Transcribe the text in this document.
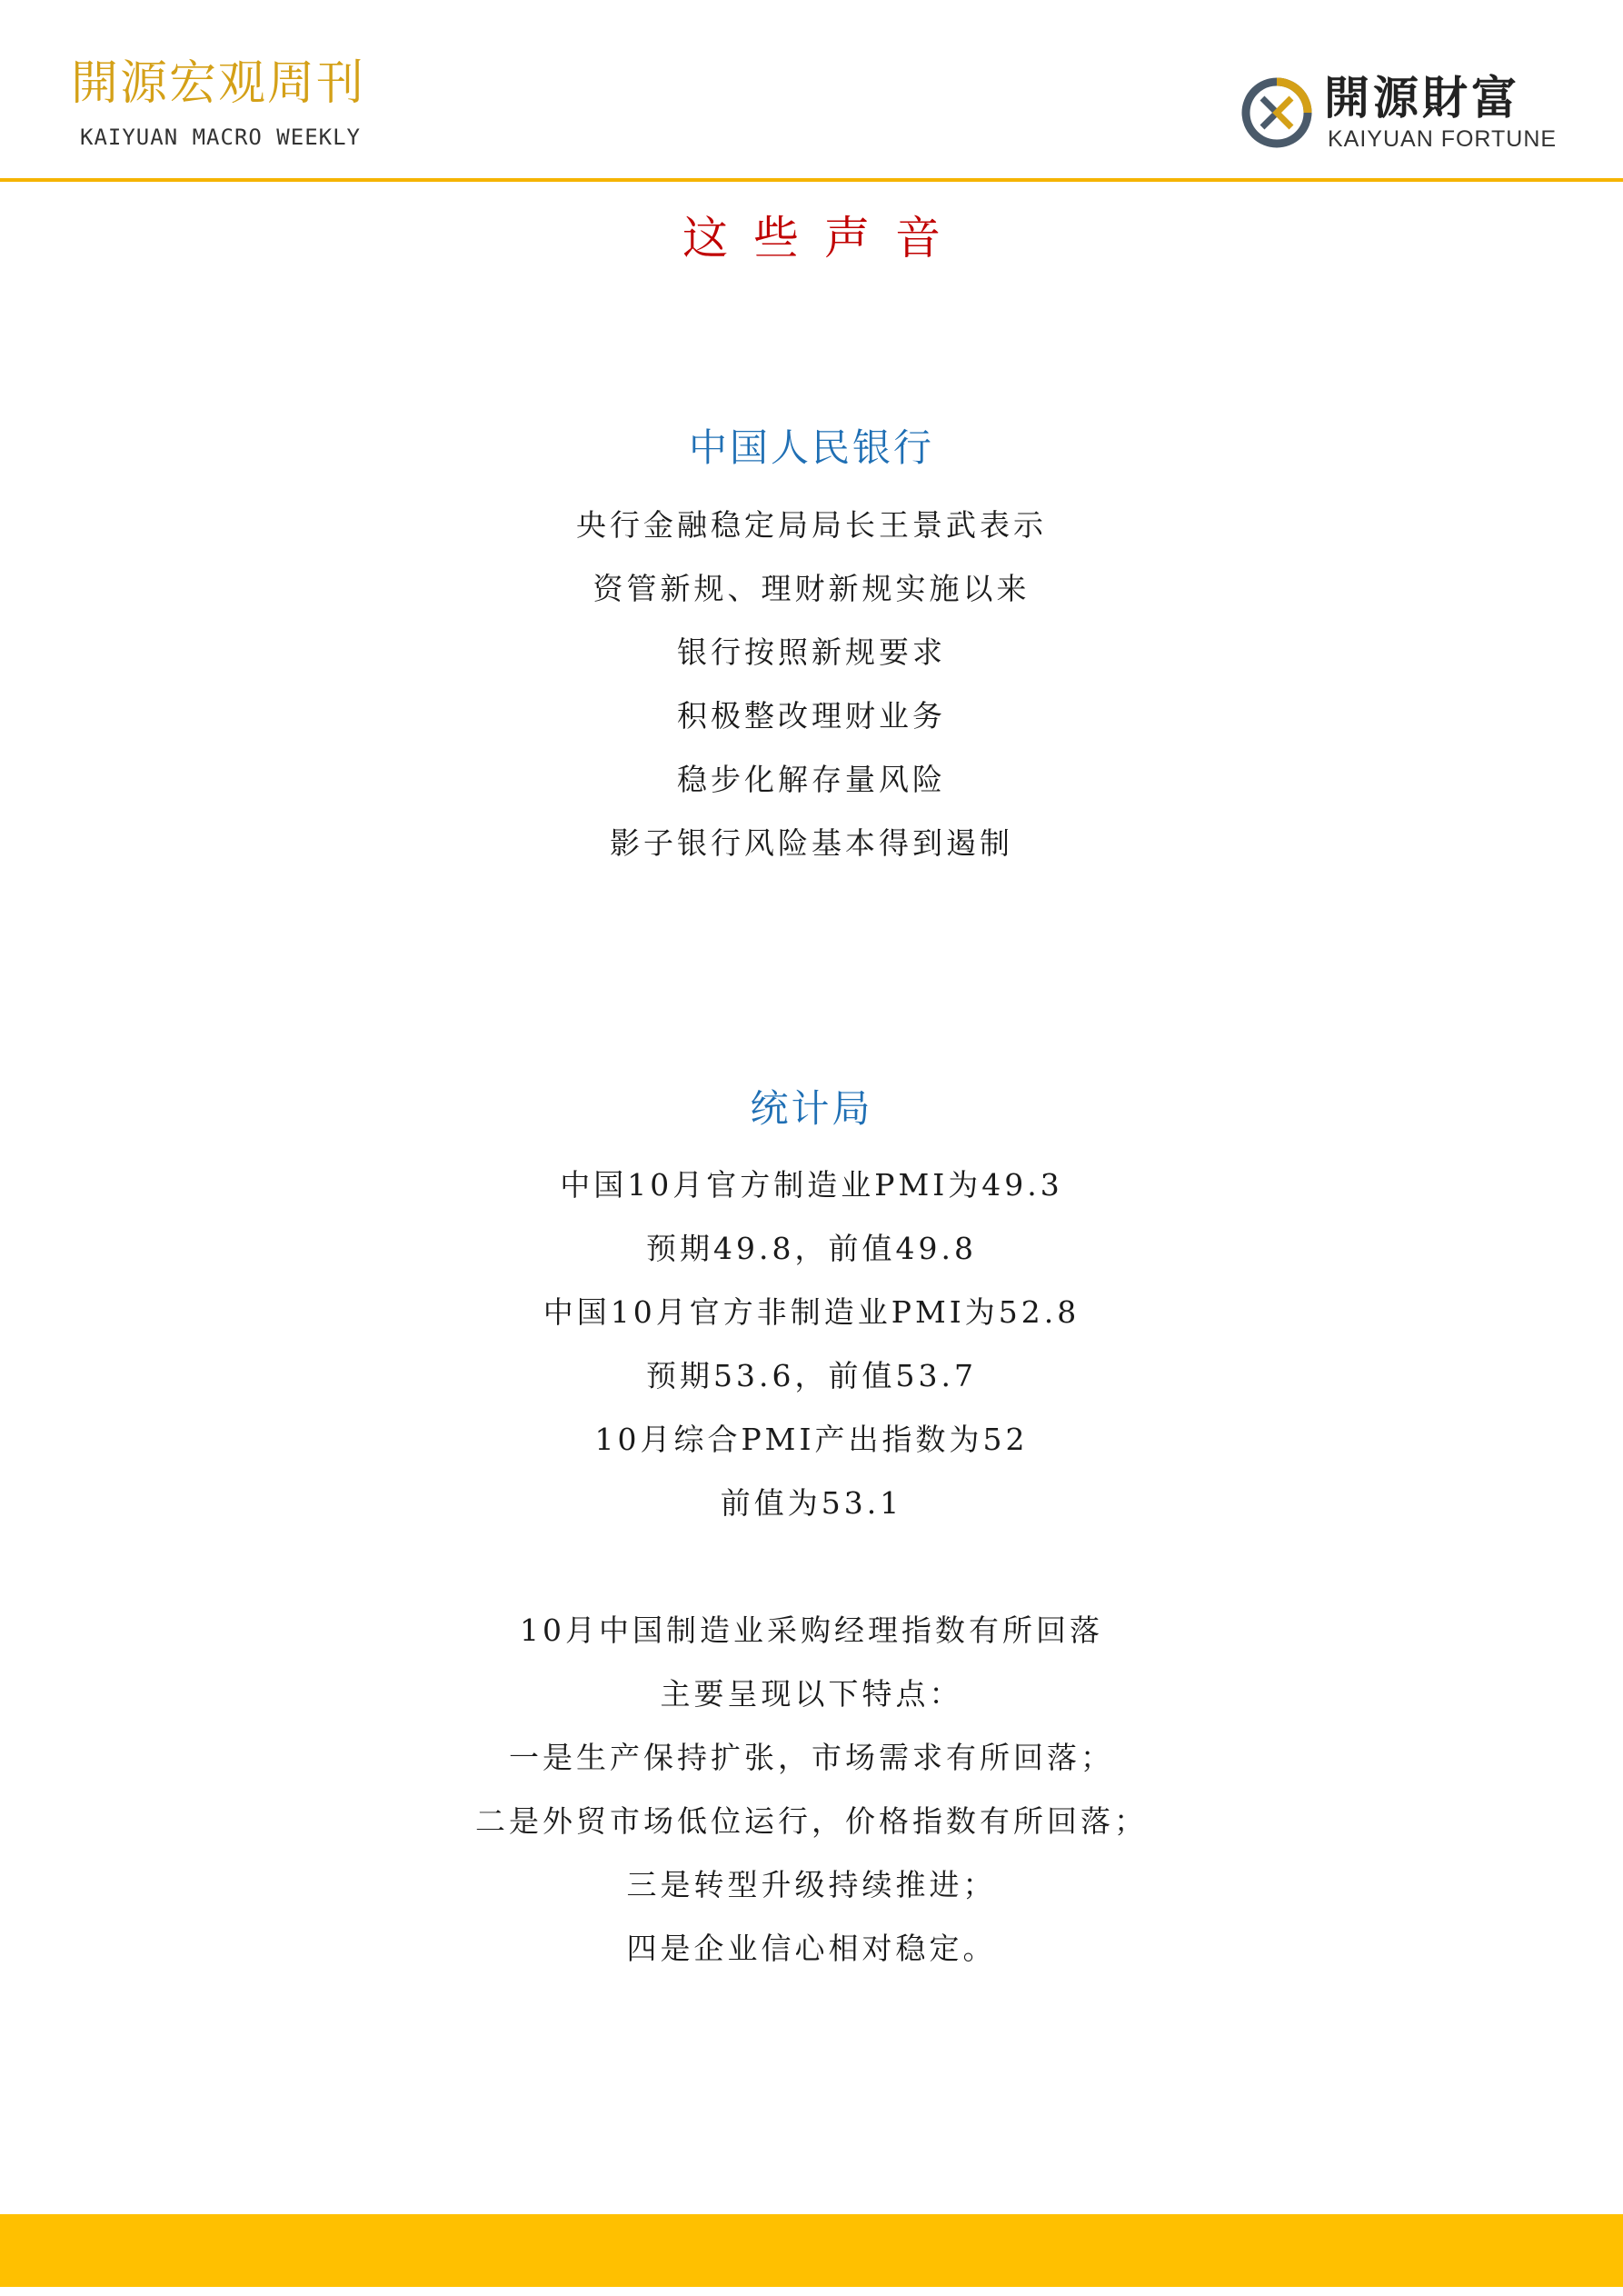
開源宏观周刊
KAIYUAN MACRO WEEKLY
開源財富
KAIYUAN FORTUNE
这些声音
中国人民银行
央行金融稳定局局长王景武表示
资管新规、理财新规实施以来
银行按照新规要求
积极整改理财业务
稳步化解存量风险
影子银行风险基本得到遏制
统计局
中国10月官方制造业PMI为49.3
预期49.8，前值49.8
中国10月官方非制造业PMI为52.8
预期53.6，前值53.7
10月综合PMI产出指数为52
前值为53.1
10月中国制造业采购经理指数有所回落
主要呈现以下特点：
一是生产保持扩张，市场需求有所回落；
二是外贸市场低位运行，价格指数有所回落；
三是转型升级持续推进；
四是企业信心相对稳定。
